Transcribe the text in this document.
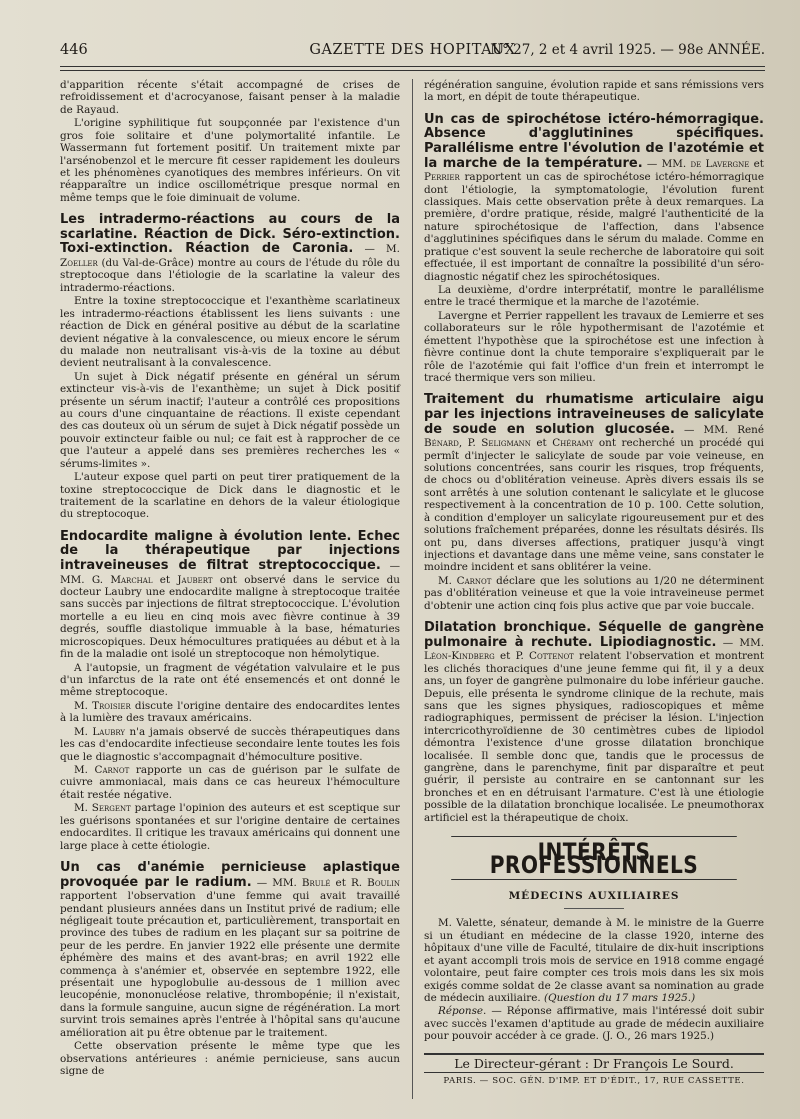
446	GAZETTE DES HOPITAUX
N° 27, 2 et 4 avril 1925. — 98e ANNÉE.

d'apparition récente s'était accompagné de crises de refroidissement et d'acrocyanose, faisant penser à la maladie de Rayaud.

L'origine syphilitique fut soupçonnée par l'existence d'un gros foie solitaire et d'une polymortalité infantile. Le Wassermann fut fortement positif. Un traitement mixte par l'arsénobenzol et le mercure fit cesser rapidement les douleurs et les phénomènes cyanotiques des membres inférieurs. On vit réapparaître un indice oscillométrique presque normal en même temps que le foie diminuait de volume.

Les intradermo-réactions au cours de la scarlatine. Réaction de Dick. Séro-extinction. Toxi-extinction. Réaction de Caronia. — M. Zoeller (du Val-de-Grâce) montre au cours de l'étude du rôle du streptocoque dans l'étiologie de la scarlatine la valeur des intradermo-réactions.

Entre la toxine streptococcique et l'exanthème scarlatineux les intradermo-réactions établissent les liens suivants : une réaction de Dick en général positive au début de la scarlatine devient négative à la convalescence, ou mieux encore le sérum du malade non neutralisant vis-à-vis de la toxine au début devient neutralisant à la convalescence.

Un sujet à Dick négatif présente en général un sérum extincteur vis-à-vis de l'exanthème; un sujet à Dick positif présente un sérum inactif; l'auteur a contrôlé ces propositions au cours d'une cinquantaine de réactions. Il existe cependant des cas douteux où un sérum de sujet à Dick négatif possède un pouvoir extincteur faible ou nul; ce fait est à rapprocher de ce que l'auteur a appelé dans ses premières recherches les « sérums-limites ».

L'auteur expose quel parti on peut tirer pratiquement de la toxine streptococcique de Dick dans le diagnostic et le traitement de la scarlatine en dehors de la valeur étiologique du streptocoque.

Endocardite maligne à évolution lente. Echec de la thérapeutique par injections intraveineuses de filtrat streptococcique. — MM. G. Marchal et Jaubert ont observé dans le service du docteur Laubry une endocardite maligne à streptocoque traitée sans succès par injections de filtrat streptococcique. L'évolution mortelle a eu lieu en cinq mois avec fièvre continue à 39 degrés, souffle diastolique immuable à la base, hématuries microscopiques. Deux hémocultures pratiquées au début et à la fin de la maladie ont isolé un streptocoque non hémolytique.

A l'autopsie, un fragment de végétation valvulaire et le pus d'un infarctus de la rate ont été ensemencés et ont donné le même streptocoque.

M. Troisier discute l'origine dentaire des endocardites lentes à la lumière des travaux américains.

M. Laubry n'a jamais observé de succès thérapeutiques dans les cas d'endocardite infectieuse secondaire lente toutes les fois que le diagnostic s'accompagnait d'hémoculture positive.

M. Carnot rapporte un cas de guérison par le sulfate de cuivre ammoniacal, mais dans ce cas heureux l'hémoculture était restée négative.

M. Sergent partage l'opinion des auteurs et est sceptique sur les guérisons spontanées et sur l'origine dentaire de certaines endocardites. Il critique les travaux américains qui donnent une large place à cette étiologie.

Un cas d'anémie pernicieuse aplastique provoquée par le radium. — MM. Brulé et R. Boulin rapportent l'observation d'une femme qui avait travaillé pendant plusieurs années dans un Institut privé de radium; elle négligeait toute précaution et, particulièrement, transportait en province des tubes de radium en les plaçant sur sa poitrine de peur de les perdre. En janvier 1922 elle présente une dermite éphémère des mains et des avant-bras; en avril 1922 elle commença à s'anémier et, observée en septembre 1922, elle présentait une hypoglobulie au-dessous de 1 million avec leucopénie, mononucléose relative, thrombopénie; il n'existait, dans la formule sanguine, aucun signe de régénération. La mort survint trois semaines après l'entrée à l'hôpital sans qu'aucune amélioration ait pu être obtenue par le traitement.

Cette observation présente le même type que les observations antérieures : anémie pernicieuse, sans aucun signe de

régénération sanguine, évolution rapide et sans rémissions vers la mort, en dépit de toute thérapeutique.

Un cas de spirochétose ictéro-hémorragique. Absence d'agglutinines spécifiques. Parallélisme entre l'évolution de l'azotémie et la marche de la température. — MM. de Lavergne et Perrier rapportent un cas de spirochétose ictéro-hémorragique dont l'étiologie, la symptomatologie, l'évolution furent classiques. Mais cette observation prête à deux remarques. La première, d'ordre pratique, réside, malgré l'authenticité de la nature spirochétosique de l'affection, dans l'absence d'agglutinines spécifiques dans le sérum du malade. Comme en pratique c'est souvent la seule recherche de laboratoire qui soit effectuée, il est important de connaître la possibilité d'un séro-diagnostic négatif chez les spirochétosiques.

La deuxième, d'ordre interprétatif, montre le parallélisme entre le tracé thermique et la marche de l'azotémie.

Lavergne et Perrier rappellent les travaux de Lemierre et ses collaborateurs sur le rôle hypothermisant de l'azotémie et émettent l'hypothèse que la spirochétose est une infection à fièvre continue dont la chute temporaire s'expliquerait par le rôle de l'azotémie qui fait l'office d'un frein et interrompt le tracé thermique vers son milieu.

Traitement du rhumatisme articulaire aigu par les injections intraveineuses de salicylate de soude en solution glucosée. — MM. René Bénard, P. Seligmann et Chéramy ont recherché un procédé qui permît d'injecter le salicylate de soude par voie veineuse, en solutions concentrées, sans courir les risques, trop fréquents, de chocs ou d'oblitération veineuse. Après divers essais ils se sont arrêtés à une solution contenant le salicylate et le glucose respectivement à la concentration de 10 p. 100. Cette solution, à condition d'employer un salicylate rigoureusement pur et des solutions fraîchement préparées, donne les résultats désirés. Ils ont pu, dans diverses affections, pratiquer jusqu'à vingt injections et davantage dans une même veine, sans constater le moindre incident et sans oblitérer la veine.

M. Carnot déclare que les solutions au 1/20 ne déterminent pas d'oblitération veineuse et que la voie intraveineuse permet d'obtenir une action cinq fois plus active que par voie buccale.

Dilatation bronchique. Séquelle de gangrène pulmonaire à rechute. Lipiodiagnostic. — MM. Léon-Kindberg et P. Cottenot relatent l'observation et montrent les clichés thoraciques d'une jeune femme qui fit, il y a deux ans, un foyer de gangrène pulmonaire du lobe inférieur gauche. Depuis, elle présenta le syndrome clinique de la rechute, mais sans que les signes physiques, radioscopiques et même radiographiques, permissent de préciser la lésion. L'injection intercricothyroïdienne de 30 centimètres cubes de lipiodol démontra l'existence d'une grosse dilatation bronchique localisée. Il semble donc que, tandis que le processus de gangrène, dans le parenchyme, finit par disparaître et peut guérir, il persiste au contraire en se cantonnant sur les bronches et en en détruisant l'armature. C'est là une étiologie possible de la dilatation bronchique localisée. Le pneumothorax artificiel est la thérapeutique de choix.

INTÉRÊTS PROFESSIONNELS
MÉDECINS AUXILIAIRES

M. Valette, sénateur, demande à M. le ministre de la Guerre si un étudiant en médecine de la classe 1920, interne des hôpitaux d'une ville de Faculté, titulaire de dix-huit inscriptions et ayant accompli trois mois de service en 1918 comme engagé volontaire, peut faire compter ces trois mois dans les six mois exigés comme soldat de 2e classe avant sa nomination au grade de médecin auxiliaire. (Question du 17 mars 1925.)

Réponse. — Réponse affirmative, mais l'intéressé doit subir avec succès l'examen d'aptitude au grade de médecin auxiliaire pour pouvoir accéder à ce grade. (J. O., 26 mars 1925.)

Le Directeur-gérant : Dr François Le Sourd.
PARIS. — SOC. GÉN. D'IMP. ET D'ÉDIT., 17, RUE CASSETTE.
